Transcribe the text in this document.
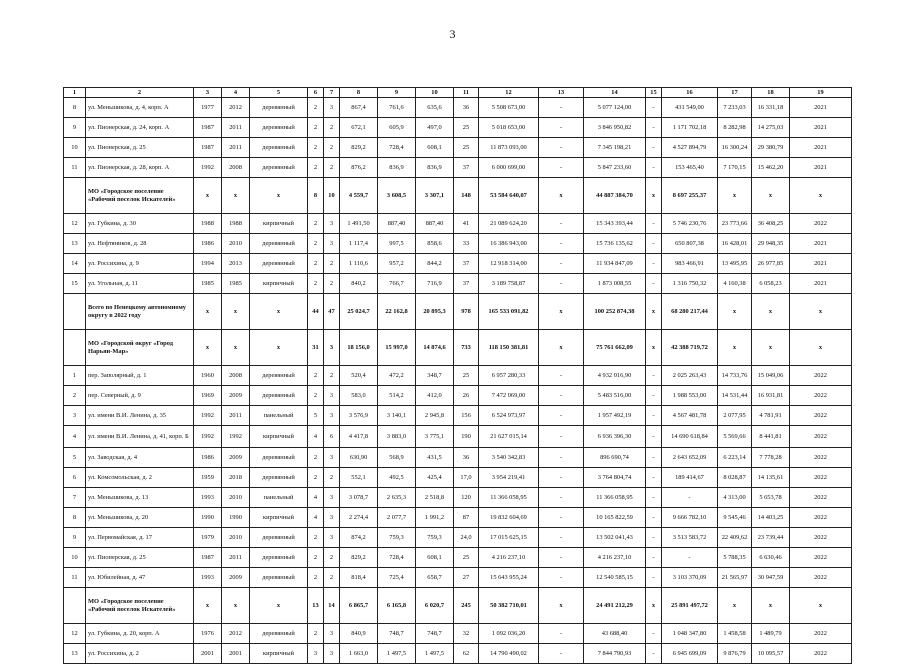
3
1	2	3	4	5	6	7	8	9	10	11	12	13	14	15	16	17	18	19
8	ул. Меньшикова, д. 4, корп. А	1977	2012	деревянный	2	3	867,4	761,6	635,6	36	5 508 673,00	-	5 077 124,00	-	431 549,00	7 233,03	16 331,18	2021
9	ул. Пионерская, д. 24, корп. А	1987	2011	деревянный	2	2	672,1	605,9	497,0	25	5 018 653,00	-	3 846 950,82	-	1 171 702,18	8 282,98	14 275,03	2021
10	ул. Пионерская, д. 25	1987	2011	деревянный	2	2	829,2	728,4	608,1	25	11 873 093,00	-	7 345 198,21	-	4 527 894,79	16 300,24	29 380,79	2021
11	ул. Пионерская, д. 28, корп. А	1992	2008	деревянный	2	2	876,2	836,9	836,9	37	6 000 699,00	-	5 847 233,60	-	153 465,40	7 170,15	15 462,20	2021
	МО «Городское поселение «Рабочий поселок Искателей»	x	x	x	8	10	4 559,7	3 608,5	3 307,1	148	53 584 640,07	x	44 887 384,70	x	8 697 255,37	x	x	x
12	ул. Губкина, д. 30	1988	1988	кирпичный	2	3	1 491,50	887,40	887,40	41	21 089 624,20	-	15 343 393,44	-	5 746 230,76	23 773,66	36 408,25	2022
13	ул. Нефтяников, д. 28	1986	2010	деревянный	2	3	1 117,4	997,5	858,6	33	16 386 943,00	-	15 736 135,62	-	650 807,38	16 428,01	29 948,35	2021
14	ул. Россихина, д. 9	1994	2013	деревянный	2	2	1 110,6	957,2	844,2	37	12 918 314,00	-	11 934 847,09	-	983 466,91	13 495,95	26 977,85	2021
15	ул. Угольная, д. 11	1985	1985	кирпичный	2	2	840,2	766,7	716,9	37	3 189 758,87	-	1 873 008,55	-	1 316 750,32	4 160,38	6 058,23	2021
	Всего по Ненецкому автономному округу в 2022 году	x	x	x	44	47	25 024,7	22 162,8	20 895,3	978	165 533 091,82	x	100 252 874,38	x	68 280 217,44	x	x	x
	МО «Городской округ «Город Нарьян-Мар»	x	x	x	31	3	18 156,0	15 997,0	14 874,6	733	118 150 381,81	x	75 761 662,09	x	42 388 719,72	x	x	x
1	пер. Заполярный, д. 1	1960	2008	деревянный	2	2	520,4	472,2	348,7	25	6 957 280,33	-	4 932 016,90	-	2 025 263,43	14 733,76	15 049,06	2022
2	пер. Северный, д. 9	1969	2009	деревянный	2	3	583,0	514,2	412,0	26	7 472 069,00	-	5 483 516,00	-	1 988 553,00	14 531,44	16 931,81	2022
3	ул. имени В.И. Ленина, д. 35	1992	2011	панельный	5	3	3 576,9	3 140,1	2 945,8	156	6 524 973,97	-	1 957 492,19	-	4 567 481,78	2 077,95	4 781,91	2022
4	ул. имени В.И. Ленина, д. 41, корп. Б	1992	1992	кирпичный	4	6	4 417,8	3 883,0	3 775,1	190	21 627 015,14	-	6 936 396,30	-	14 690 618,84	5 569,66	8 441,81	2022
5	ул. Заводская, д. 4	1986	2009	деревянный	2	3	630,90	568,9	431,5	36	3 540 342,83	-	896 690,74	-	2 643 652,09	6 223,14	7 778,28	2022
6	ул. Комсомольская, д. 2	1959	2018	деревянный	2	2	552,1	492,5	425,4	17,0	3 954 219,41	-	3 764 804,74	-	189 414,67	8 028,87	14 135,61	2022
7	ул. Меньшикова, д. 13	1993	2010	панельный	4	3	3 078,7	2 635,3	2 518,8	120	11 366 058,95	-	11 366 058,95	-	-	4 313,00	5 653,78	2022
8	ул. Меньшикова, д. 20	1990	1990	кирпичный	4	3	2 274,4	2 077,7	1 991,2	87	19 832 604,69	-	10 165 822,59	-	9 666 782,10	9 545,46	14 403,25	2022
9	ул. Первомайская, д. 17	1979	2010	деревянный	2	3	874,2	759,3	759,3	24,0	17 015 625,15	-	13 502 041,43	-	3 513 583,72	22 409,62	23 739,44	2022
10	ул. Пионерская, д. 25	1987	2011	деревянный	2	2	829,2	728,4	608,1	25	4 216 237,10	-	4 216 237,10	-	-	5 788,35	6 630,46	2022
11	ул. Юбилейная, д. 47	1993	2009	деревянный	2	2	818,4	725,4	658,7	27	15 643 955,24	-	12 540 585,15	-	3 103 370,09	21 565,97	30 947,59	2022
	МО «Городское поселение «Рабочий поселок Искателей»	x	x	x	13	14	6 865,7	6 165,8	6 020,7	245	50 382 710,01	x	24 491 212,29	x	25 891 497,72	x	x	x
12	ул. Губкина, д. 20, корп. А	1976	2012	деревянный	2	3	840,9	748,7	748,7	32	1 092 036,20	-	43 688,40	-	1 048 347,80	1 458,58	1 489,79	2022
13	ул. Россихина, д. 2	2001	2001	кирпичный	3	3	1 663,0	1 497,5	1 497,5	62	14 790 490,02	-	7 844 790,93	-	6 945 699,09	9 876,79	10 095,57	2022
